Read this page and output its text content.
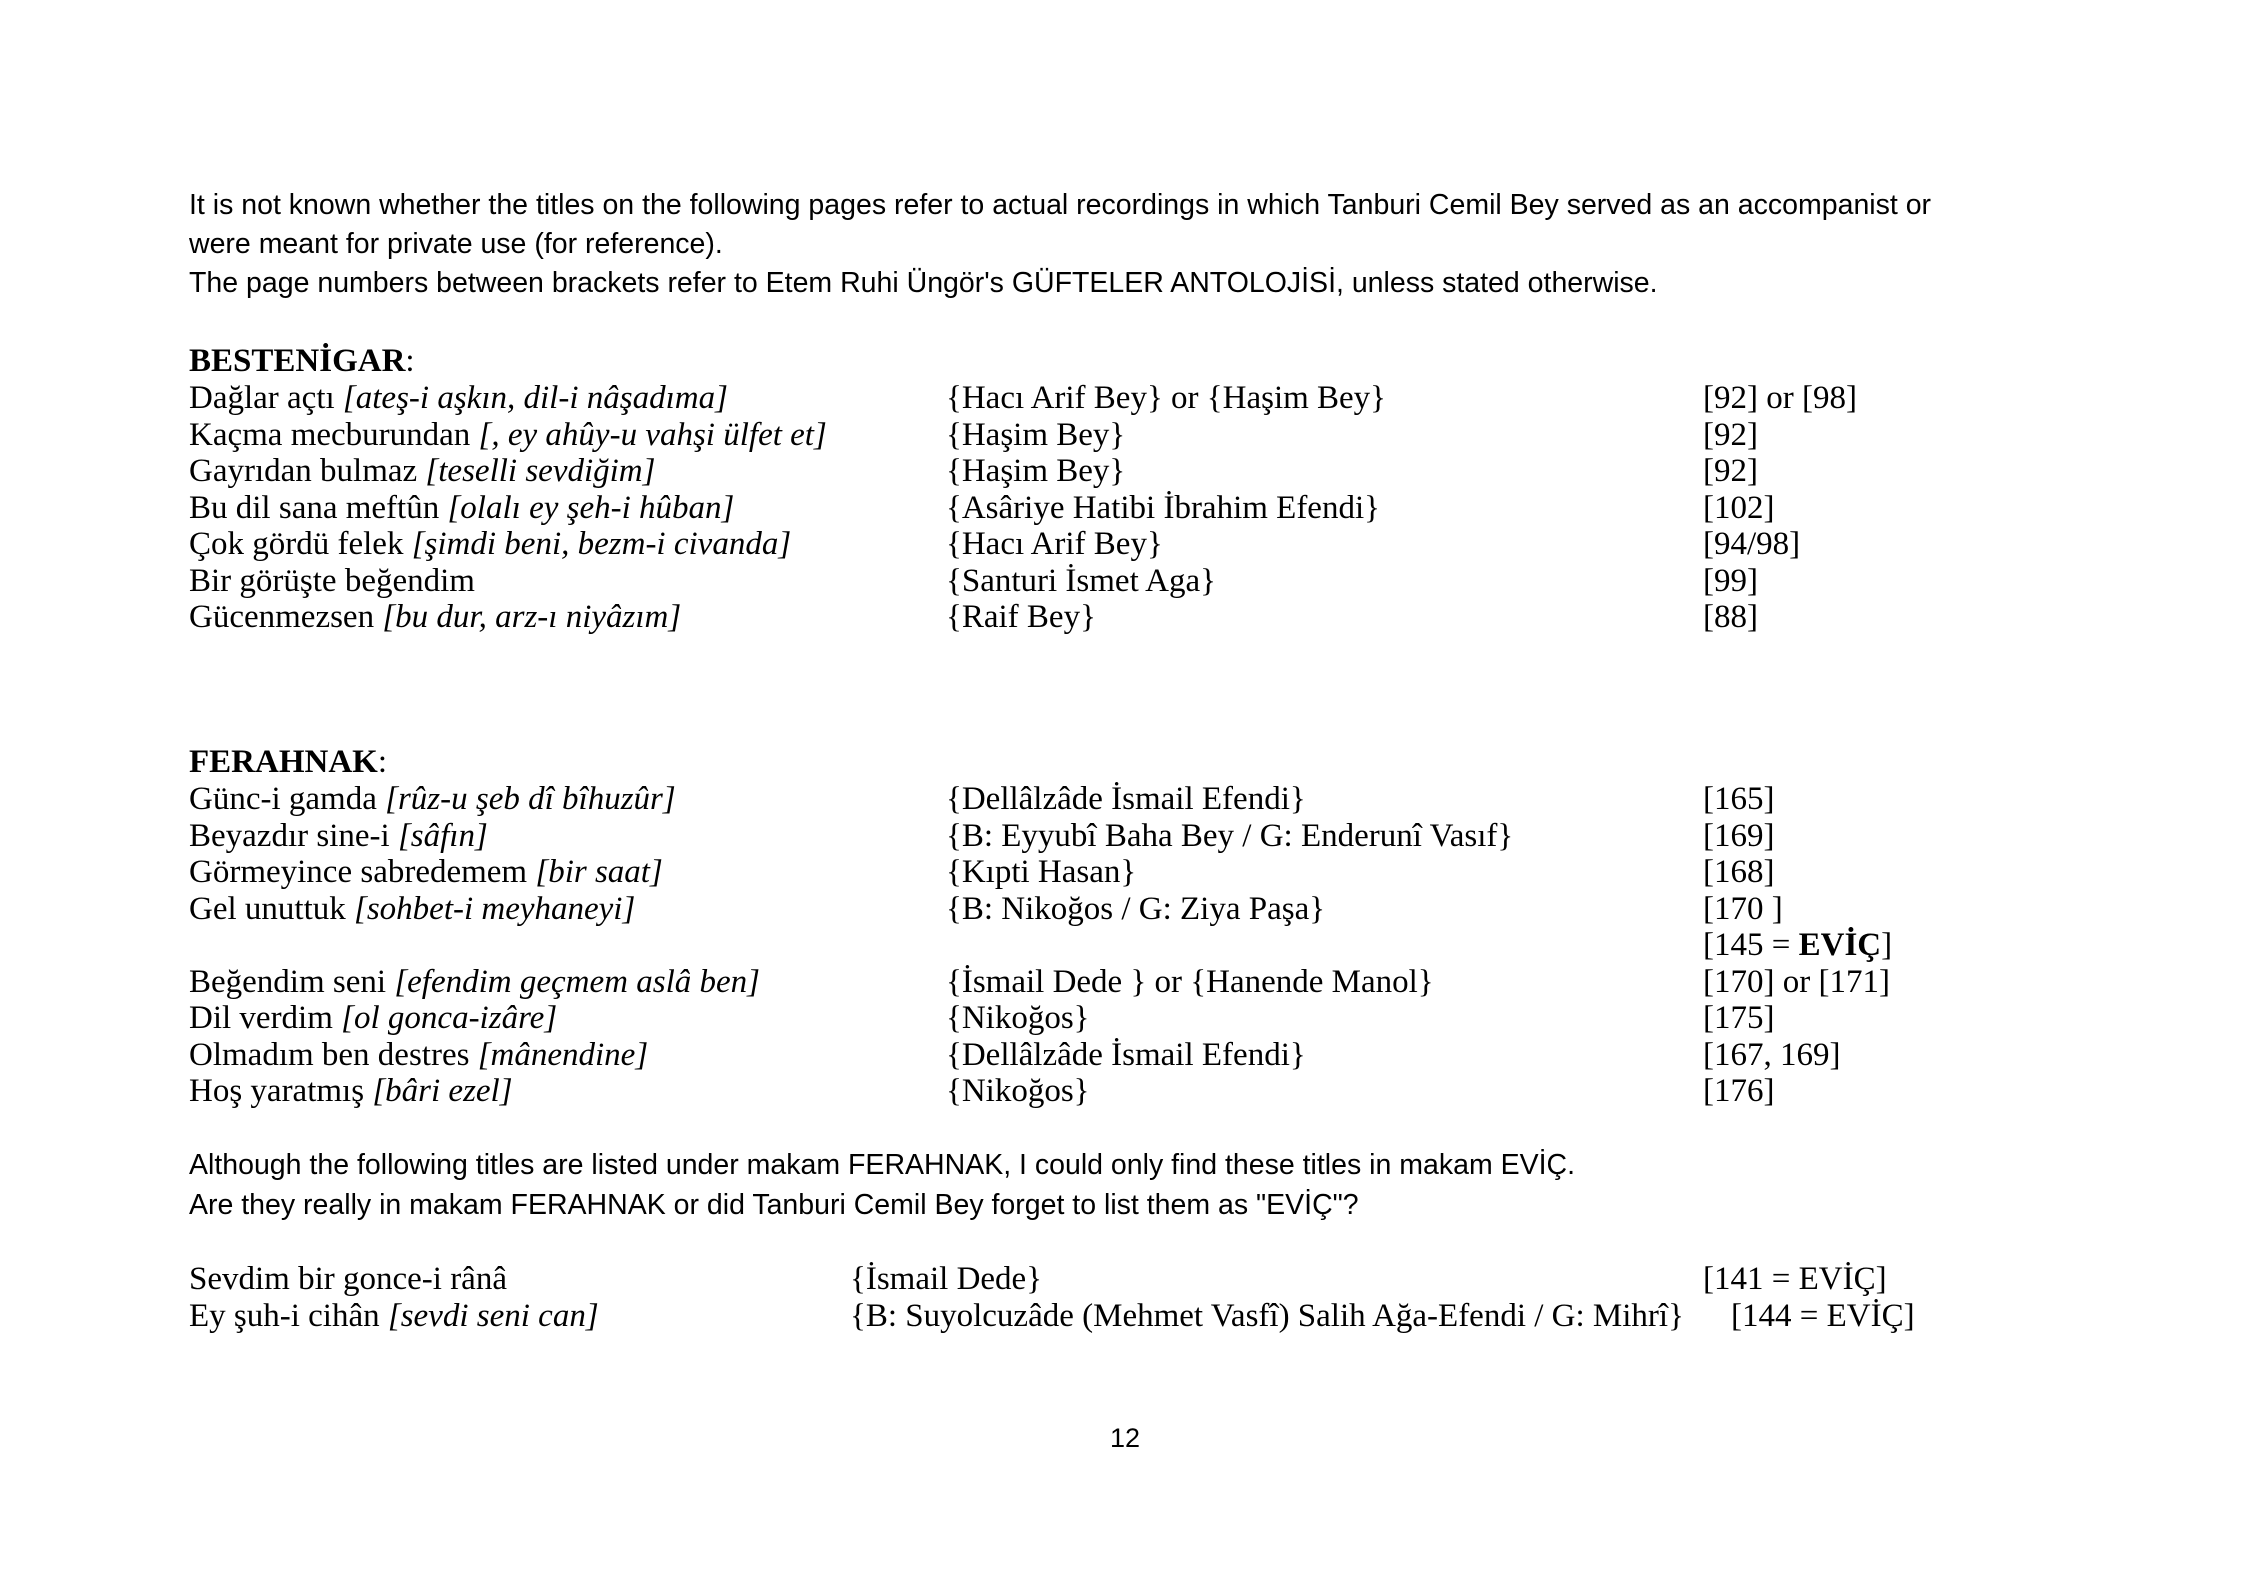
It is not known whether the titles on the following pages refer to actual recordings in which Tanburi Cemil Bey served as an accompanist or
were meant for private use (for reference).
The page numbers between brackets refer to Etem Ruhi Üngör's GÜFTELER ANTOLOJİSİ, unless stated otherwise.
BESTENİGAR:
Dağlar açtı [ateş-i aşkın, dil-i nâşadıma]	{Hacı Arif Bey} or {Haşim Bey}	[92] or [98]
Kaçma mecburundan [, ey ahûy-u vahşi ülfet et]	{Haşim Bey}	[92]
Gayrıdan bulmaz [teselli sevdiğim]	{Haşim Bey}	[92]
Bu dil sana meftûn [olalı ey şeh-i hûban]	{Asâriye Hatibi İbrahim Efendi}	[102]
Çok gördü felek [şimdi beni, bezm-i civanda]	{Hacı Arif Bey}	[94/98]
Bir görüşte beğendim	{Santuri İsmet Aga}	[99]
Gücenmezsen [bu dur, arz-ı niyâzım]	{Raif Bey}	[88]
FERAHNAK:
Günc-i gamda [rûz-u şeb dî bîhuzûr]	{Dellâlzâde İsmail Efendi}	[165]
Beyazdır sine-i [sâfın]	{B: Eyyubî Baha Bey / G: Enderunî Vasıf}	[169]
Görmeyince sabredemem [bir saat]	{Kıpti Hasan}	[168]
Gel unuttuk [sohbet-i meyhaneyi]	{B: Nikoğos / G: Ziya Paşa}	[170 ]
[145 = EVİÇ]
Beğendim seni [efendim geçmem aslâ ben]	{İsmail Dede } or {Hanende Manol}	[170] or [171]
Dil verdim [ol gonca-izâre]	{Nikoğos}	[175]
Olmadım ben destres [mânendine]	{Dellâlzâde İsmail Efendi}	[167, 169]
Hoş yaratmış [bâri ezel]	{Nikoğos}	[176]
Although the following titles are listed under makam FERAHNAK, I could only find these titles in makam EVİÇ.
Are they really in makam FERAHNAK or did Tanburi Cemil Bey forget to list them as "EVİÇ"?
Sevdim bir gonce-i rânâ	{İsmail Dede}	[141 = EVİÇ]
Ey şuh-i cihân [sevdi seni can]	{B: Suyolcuzâde (Mehmet Vasfî) Salih Ağa-Efendi / G: Mihrî} [144 = EVİÇ]
12
